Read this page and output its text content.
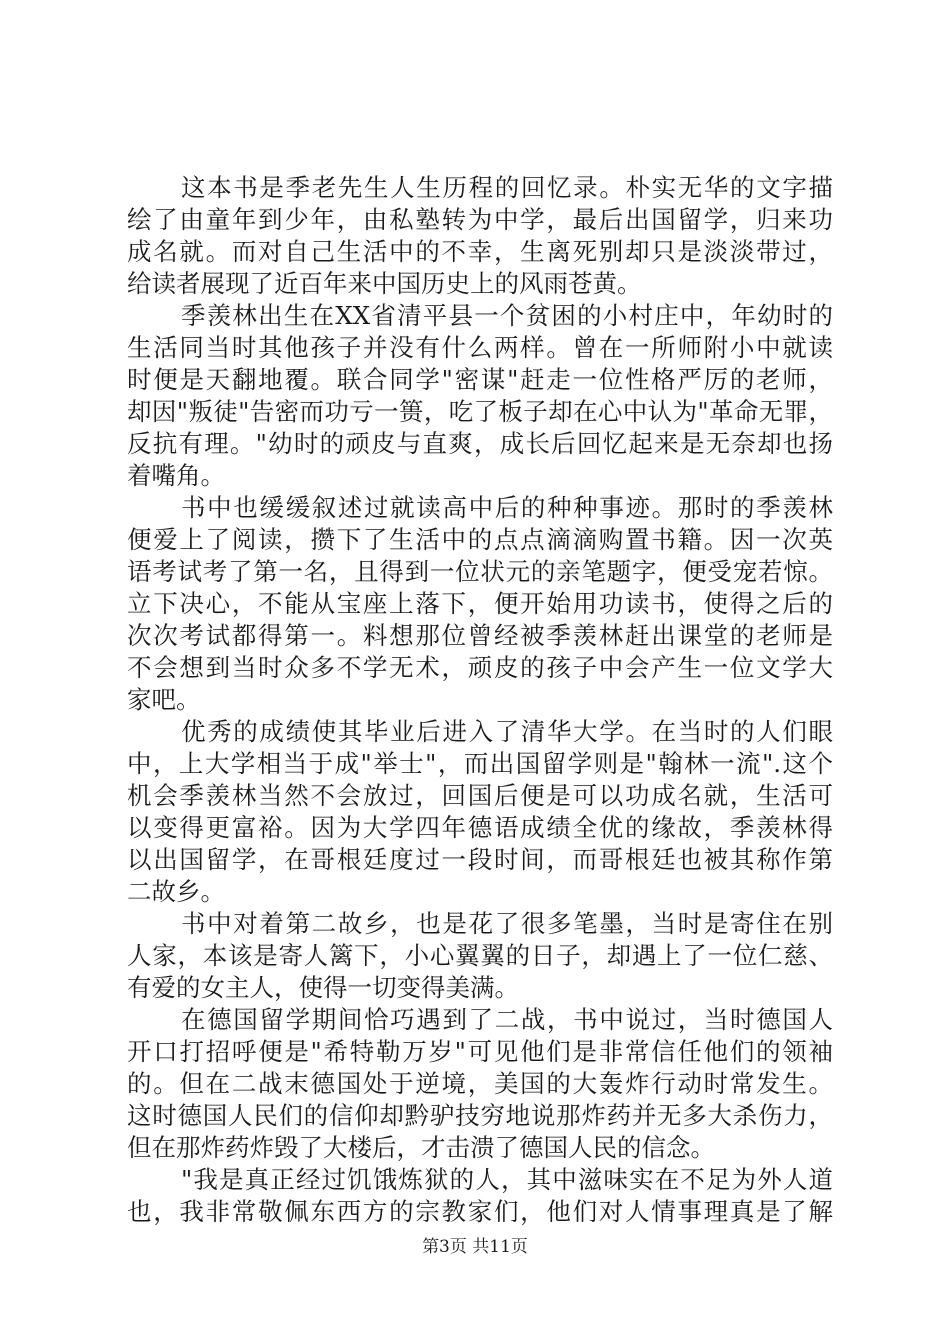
这本书是季老先生人生历程的回忆录。朴实无华的文字描
绘了由童年到少年，由私塾转为中学，最后出国留学，归来功
成名就。而对自己生活中的不幸，生离死别却只是淡淡带过，
给读者展现了近百年来中国历史上的风雨苍黄。
季羡林出生在XX省清平县一个贫困的小村庄中，年幼时的
生活同当时其他孩子并没有什么两样。曾在一所师附小中就读
时便是天翻地覆。联合同学"密谋"赶走一位性格严厉的老师，
却因"叛徒"告密而功亏一篑，吃了板子却在心中认为"革命无罪，
反抗有理。"幼时的顽皮与直爽，成长后回忆起来是无奈却也扬
着嘴角。
书中也缓缓叙述过就读高中后的种种事迹。那时的季羡林
便爱上了阅读，攒下了生活中的点点滴滴购置书籍。因一次英
语考试考了第一名，且得到一位状元的亲笔题字，便受宠若惊。
立下决心，不能从宝座上落下，便开始用功读书，使得之后的
次次考试都得第一。料想那位曾经被季羡林赶出课堂的老师是
不会想到当时众多不学无术，顽皮的孩子中会产生一位文学大
家吧。
优秀的成绩使其毕业后进入了清华大学。在当时的人们眼
中，上大学相当于成"举士"，而出国留学则是"翰林一流".这个
机会季羡林当然不会放过，回国后便是可以功成名就，生活可
以变得更富裕。因为大学四年德语成绩全优的缘故，季羡林得
以出国留学，在哥根廷度过一段时间，而哥根廷也被其称作第
二故乡。
书中对着第二故乡，也是花了很多笔墨，当时是寄住在别
人家，本该是寄人篱下，小心翼翼的日子，却遇上了一位仁慈、
有爱的女主人，使得一切变得美满。
在德国留学期间恰巧遇到了二战，书中说过，当时德国人
开口打招呼便是"希特勒万岁"可见他们是非常信任他们的领袖
的。但在二战末德国处于逆境，美国的大轰炸行动时常发生。
这时德国人民们的信仰却黔驴技穷地说那炸药并无多大杀伤力，
但在那炸药炸毁了大楼后，才击溃了德国人民的信念。
"我是真正经过饥饿炼狱的人，其中滋味实在不足为外人道
也，我非常敬佩东西方的宗教家们，他们对人情事理真是了解
第3页 共11页
